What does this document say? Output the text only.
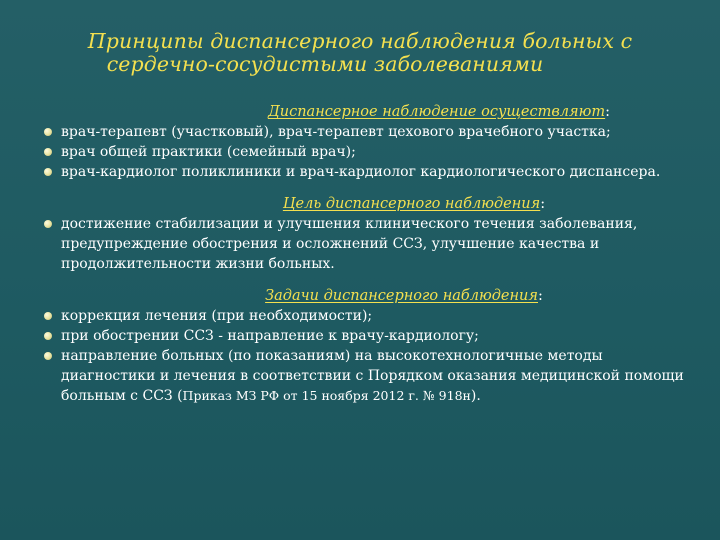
Принципы диспансерного наблюдения больных с
сердечно-сосудистыми заболеваниями

Диспансерное наблюдение осуществляют:

врач-терапевт (участковый), врач-терапевт цехового врачебного участка;
врач общей практики (семейный врач);
врач-кардиолог поликлиники и врач-кардиолог кардиологического диспансера.

Цель диспансерного наблюдения:

достижение стабилизации и улучшения клинического течения заболевания, предупреждение обострения и осложнений ССЗ, улучшение качества и продолжительности жизни больных.

Задачи диспансерного наблюдения:

коррекция лечения (при необходимости);
при обострении ССЗ - направление к врачу-кардиологу;
направление больных (по показаниям) на высокотехнологичные методы диагностики и лечения в соответствии с Порядком оказания медицинской помощи больным с ССЗ (Приказ МЗ РФ от 15 ноября 2012 г. № 918н).
